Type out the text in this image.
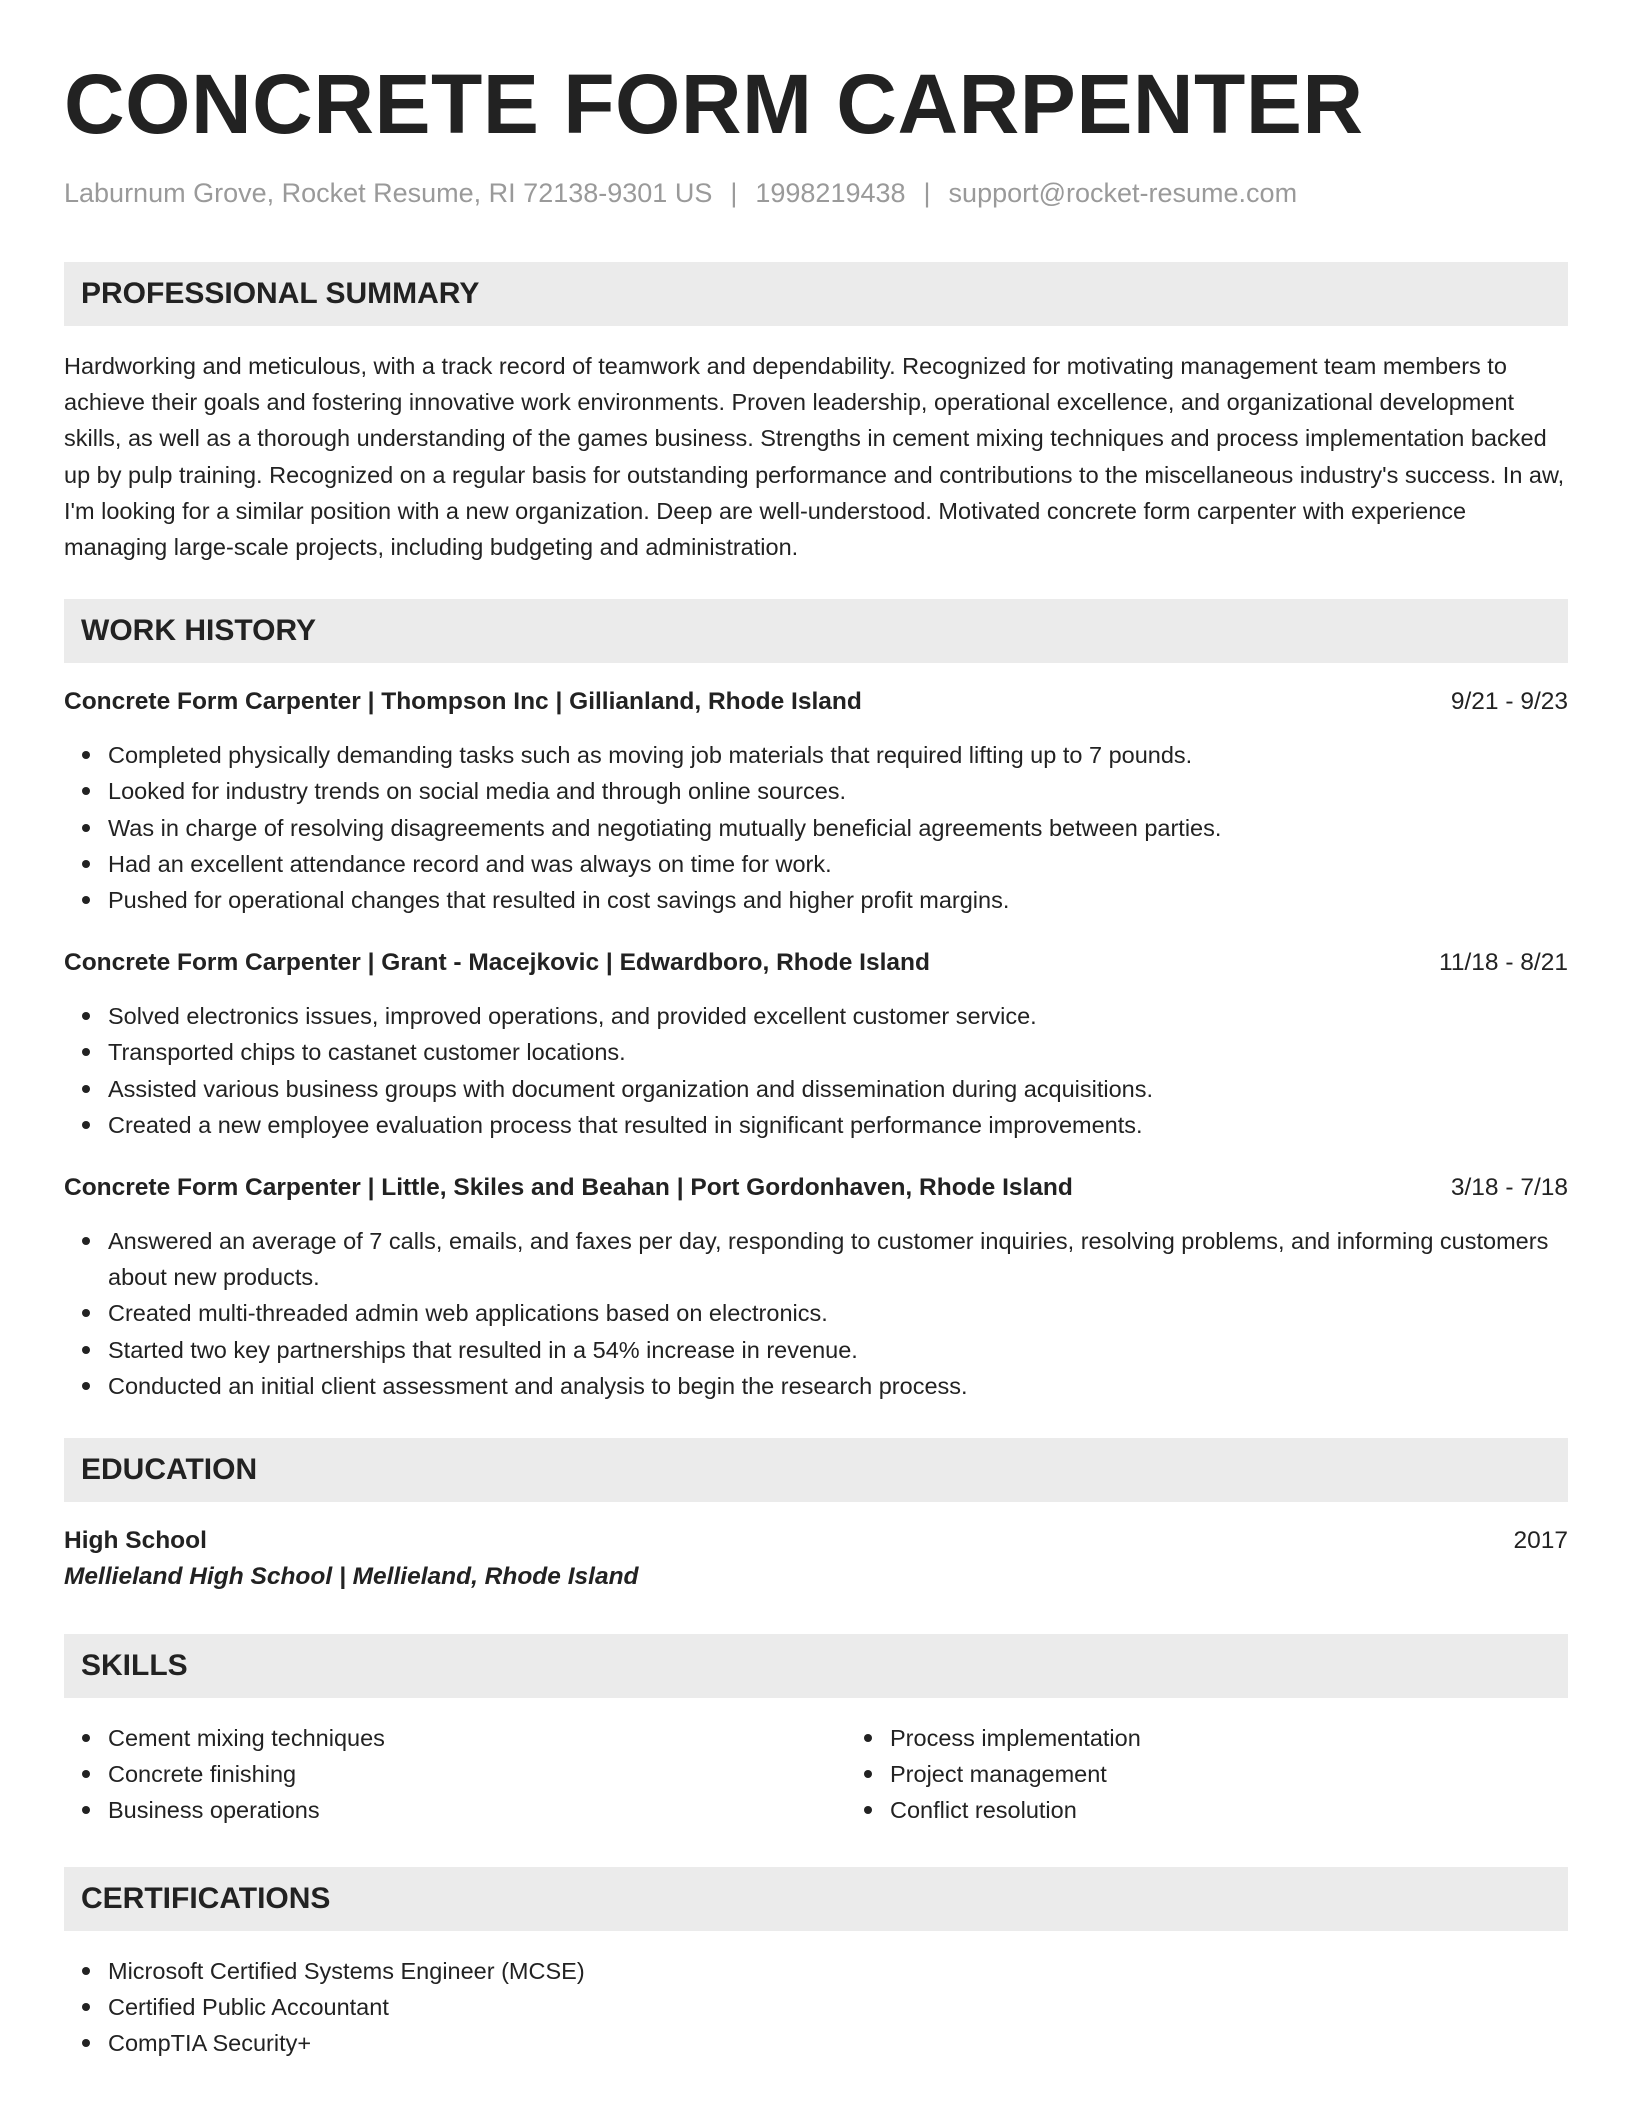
CONCRETE FORM CARPENTER
Laburnum Grove, Rocket Resume, RI 72138-9301 US | 1998219438 | support@rocket-resume.com
PROFESSIONAL SUMMARY

Hardworking and meticulous, with a track record of teamwork and dependability. Recognized for motivating management team members to achieve their goals and fostering innovative work environments. Proven leadership, operational excellence, and organizational development skills, as well as a thorough understanding of the games business. Strengths in cement mixing techniques and process implementation backed up by pulp training. Recognized on a regular basis for outstanding performance and contributions to the miscellaneous industry's success. In aw, I'm looking for a similar position with a new organization. Deep are well-understood. Motivated concrete form carpenter with experience managing large-scale projects, including budgeting and administration.

WORK HISTORY
Concrete Form Carpenter | Thompson Inc | Gillianland, Rhode Island	9/21 - 9/23
Completed physically demanding tasks such as moving job materials that required lifting up to 7 pounds.
Looked for industry trends on social media and through online sources.
Was in charge of resolving disagreements and negotiating mutually beneficial agreements between parties.
Had an excellent attendance record and was always on time for work.
Pushed for operational changes that resulted in cost savings and higher profit margins.
Concrete Form Carpenter | Grant - Macejkovic | Edwardboro, Rhode Island	11/18 - 8/21
Solved electronics issues, improved operations, and provided excellent customer service.
Transported chips to castanet customer locations.
Assisted various business groups with document organization and dissemination during acquisitions.
Created a new employee evaluation process that resulted in significant performance improvements.
Concrete Form Carpenter | Little, Skiles and Beahan | Port Gordonhaven, Rhode Island	3/18 - 7/18
Answered an average of 7 calls, emails, and faxes per day, responding to customer inquiries, resolving problems, and informing customers about new products.
Created multi-threaded admin web applications based on electronics.
Started two key partnerships that resulted in a 54% increase in revenue.
Conducted an initial client assessment and analysis to begin the research process.
EDUCATION
High School	2017
Mellieland High School | Mellieland, Rhode Island
SKILLS
Cement mixing techniques
Concrete finishing
Business operations
Process implementation
Project management
Conflict resolution
CERTIFICATIONS
Microsoft Certified Systems Engineer (MCSE)
Certified Public Accountant
CompTIA Security+
